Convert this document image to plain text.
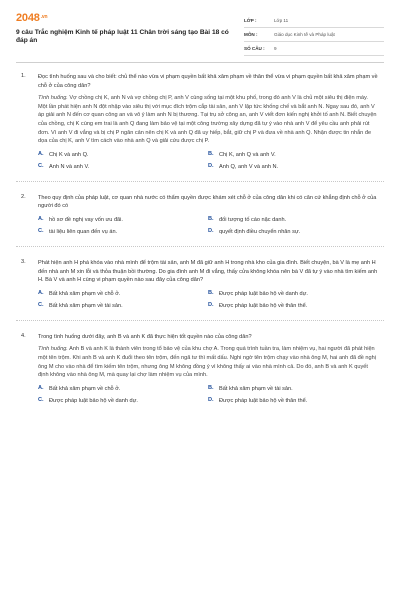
$2048^{.vn}$
9 câu Trắc nghiệm Kinh tế pháp luật 11 Chân trời sáng tạo Bài 18 có đáp án
LỚP :	Lớp 11
MÔN :	Giáo dục Kinh tế và Pháp luật
SỐ CÂU :	9
1. Đọc tình huống sau và cho biết: chủ thể nào vừa vi phạm quyền bất khả xâm phạm về thân thể vừa vi phạm quyền bất khả xâm phạm về chỗ ở của công dân?
Tình huống. Vợ chồng chị K, anh N và vợ chồng chị P, anh V cùng sống tại một khu phố, trong đó anh V là chủ một siêu thị điện máy. Một lần phát hiện anh N đột nhập vào siêu thị với mục đích trộm cắp tài sản, anh V lập tức khống chế và bắt anh N. Ngay sau đó, anh V áp giải anh N đến cơ quan công an và vô ý làm anh N bị thương. Tại trụ sở công an, anh V viết đơn kiến nghị khởi tố anh N. Biết chuyện của chồng, chị K cùng em trai là anh Q đang làm bảo vệ tại một công trường xây dựng đã tự ý vào nhà anh V để yêu cầu anh phải rút đơn. Vì anh V đi vắng và bị chị P ngăn cản nên chị K và anh Q đã uy hiếp, bắt, giữ chị P và đưa về nhà anh Q. Nhận được tin nhắn đe dọa của chị K, anh V tìm cách vào nhà anh Q và giải cứu được chị P.
A. Chị K và anh Q.	B. Chị K, anh Q và anh V.
C. Anh N và anh V.	D. Anh Q, anh V và anh N.
2. Theo quy định của pháp luật, cơ quan nhà nước có thẩm quyền được khám xét chỗ ở của công dân khi có căn cứ khẳng định chỗ ở của người đó có
A. hồ sơ đề nghị vay vốn ưu đãi.	B. đối tượng tố cáo nặc danh.
C. tài liệu liên quan đến vụ án.	D. quyết định điều chuyển nhân sự.
3. Phát hiện anh H phá khóa vào nhà mình để trộm tài sản, anh M đã giữ anh H trong nhà kho của gia đình. Biết chuyện, bà V là mẹ anh H đến nhà anh M xin lỗi và thỏa thuận bồi thường. Do gia đình anh M đi vắng, thấy cửa không khóa nên bà V đã tự ý vào nhà tìm kiếm anh H. Bà V và anh H cùng vi phạm quyền nào sau đây của công dân?
A. Bất khả xâm phạm về chỗ ở.	B. Được pháp luật bảo hộ về danh dự.
C. Bất khả xâm phạm về tài sản.	D. Được pháp luật bảo hộ về thân thể.
4. Trong tình huống dưới đây, anh B và anh K đã thực hiện tốt quyền nào của công dân?
Tình huống. Anh B và anh K là thành viên trong tổ bảo vệ của khu chợ A. Trong quá trình tuần tra, làm nhiệm vụ, hai người đã phát hiện một tên trộm. Khi anh B và anh K đuổi theo tên trộm, đến ngã tư thì mất dấu. Nghi ngờ tên trộm chạy vào nhà ông M, hai anh đã đề nghị ông M cho vào nhà để tìm kiếm tên trộm, nhưng ông M không đồng ý vì không thấy ai vào nhà mình cả. Do đó, anh B và anh K quyết định không vào nhà ông M, mà quay lại chợ làm nhiệm vụ của mình.
A. Bất khả xâm phạm về chỗ ở.	B. Bất khả xâm phạm về tài sản.
C. Được pháp luật bảo hộ về danh dự.	D. Được pháp luật bảo hộ về thân thể.
